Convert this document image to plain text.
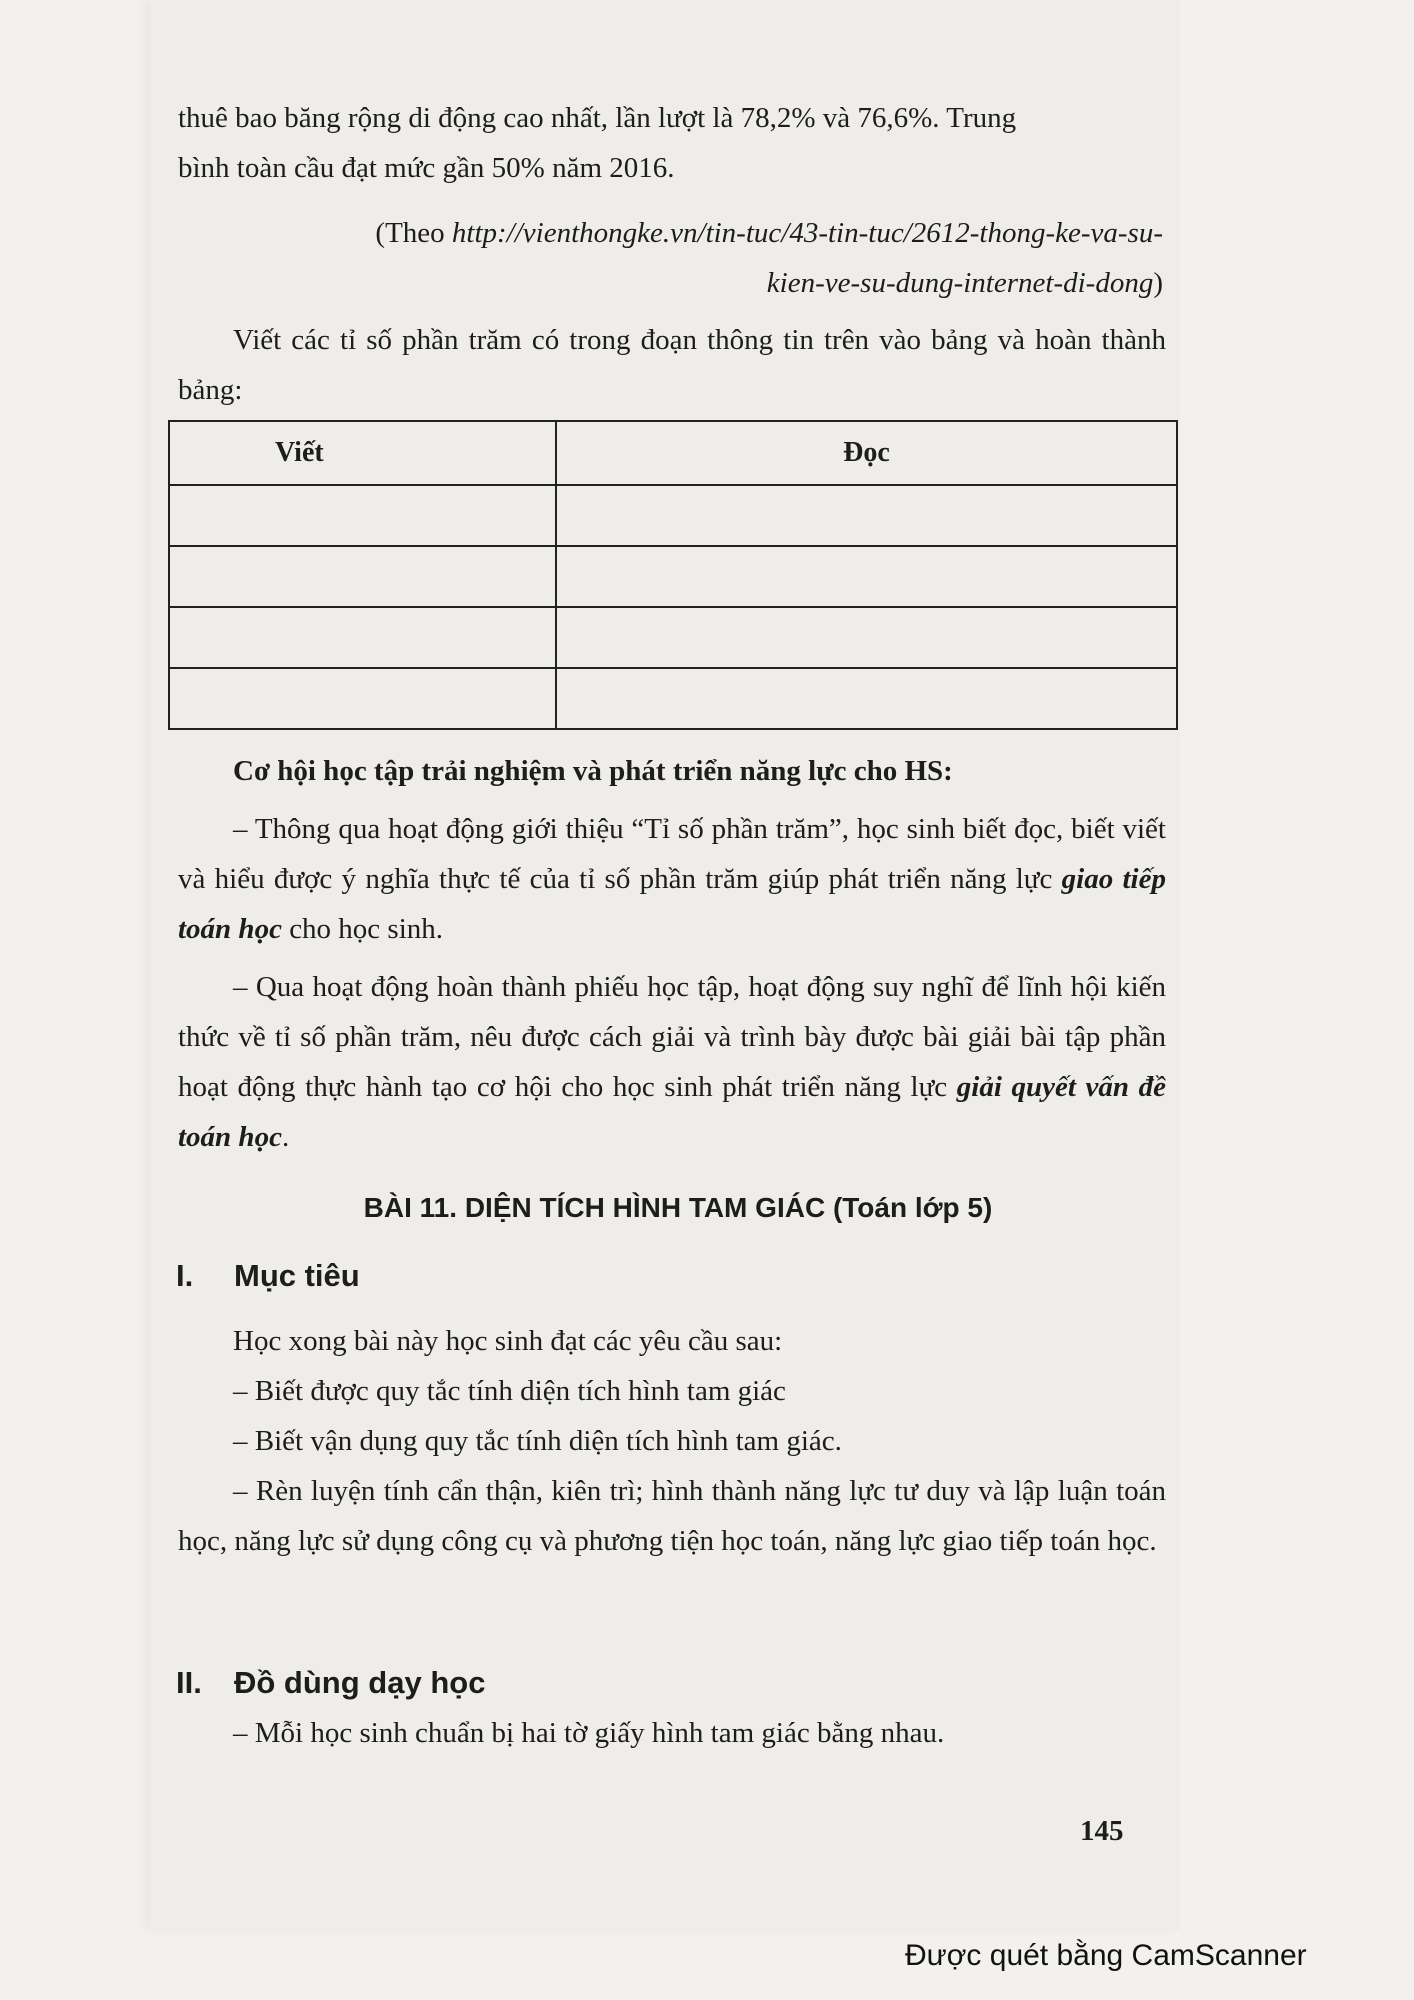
thuê bao băng rộng di động cao nhất, lần lượt là 78,2% và 76,6%. Trung
bình toàn cầu đạt mức gần 50% năm 2016.
(Theo http://vienthongke.vn/tin-tuc/43-tin-tuc/2612-thong-ke-va-su-
kien-ve-su-dung-internet-di-dong)
Viết các tỉ số phần trăm có trong đoạn thông tin trên vào bảng và hoàn thành bảng:
Viết	Đọc

Cơ hội học tập trải nghiệm và phát triển năng lực cho HS:
– Thông qua hoạt động giới thiệu “Tỉ số phần trăm”, học sinh biết đọc, biết viết và hiểu được ý nghĩa thực tế của tỉ số phần trăm giúp phát triển năng lực giao tiếp toán học cho học sinh.
– Qua hoạt động hoàn thành phiếu học tập, hoạt động suy nghĩ để lĩnh hội kiến thức về tỉ số phần trăm, nêu được cách giải và trình bày được bài giải bài tập phần hoạt động thực hành tạo cơ hội cho học sinh phát triển năng lực giải quyết vấn đề toán học.
BÀI 11. DIỆN TÍCH HÌNH TAM GIÁC (Toán lớp 5)
I. Mục tiêu
Học xong bài này học sinh đạt các yêu cầu sau:
– Biết được quy tắc tính diện tích hình tam giác
– Biết vận dụng quy tắc tính diện tích hình tam giác.
– Rèn luyện tính cẩn thận, kiên trì; hình thành năng lực tư duy và lập luận toán học, năng lực sử dụng công cụ và phương tiện học toán, năng lực giao tiếp toán học.
II. Đồ dùng dạy học
– Mỗi học sinh chuẩn bị hai tờ giấy hình tam giác bằng nhau.
145
Được quét bằng CamScanner
